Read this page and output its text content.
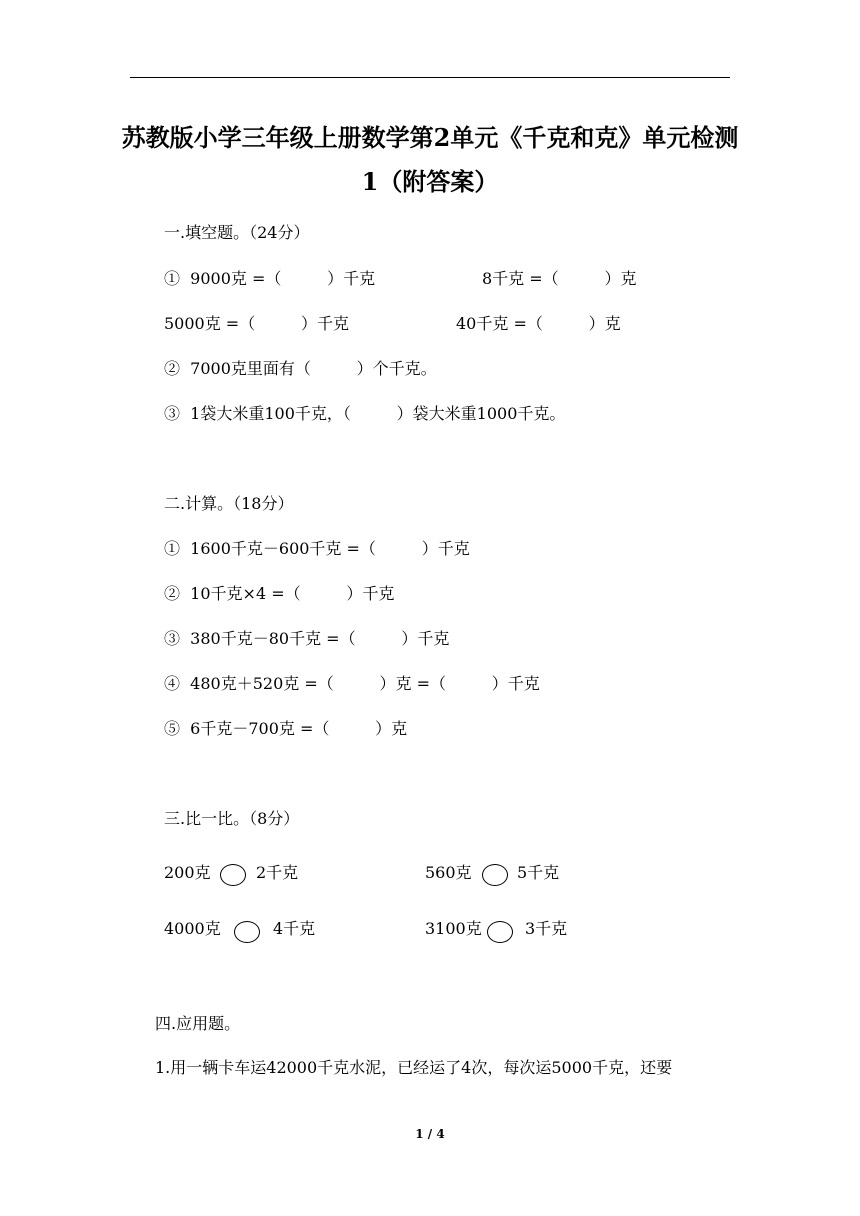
苏教版小学三年级上册数学第2单元《千克和克》单元检测
1（附答案）
一.填空题。（24分）
①  9000克 =（         ）千克	8千克 =（         ）克
5000克 =（         ）千克	40千克 =（         ）克
②  7000克里面有（         ）个千克。
③  1袋大米重100千克，（         ）袋大米重1000千克。
二.计算。（18分）
①  1600千克－600千克 =（         ）千克
②  10千克×4 =（         ）千克
③  380千克－80千克 =（         ）千克
④  480克＋520克 =（         ）克 =（         ）千克
⑤  6千克－700克 =（         ）克
三.比一比。（8分）
200克	2千克	560克	5千克
4000克	4千克	3100克	3千克
四.应用题。
1.用一辆卡车运42000千克水泥，已经运了4次，每次运5000千克，还要
1 / 4
